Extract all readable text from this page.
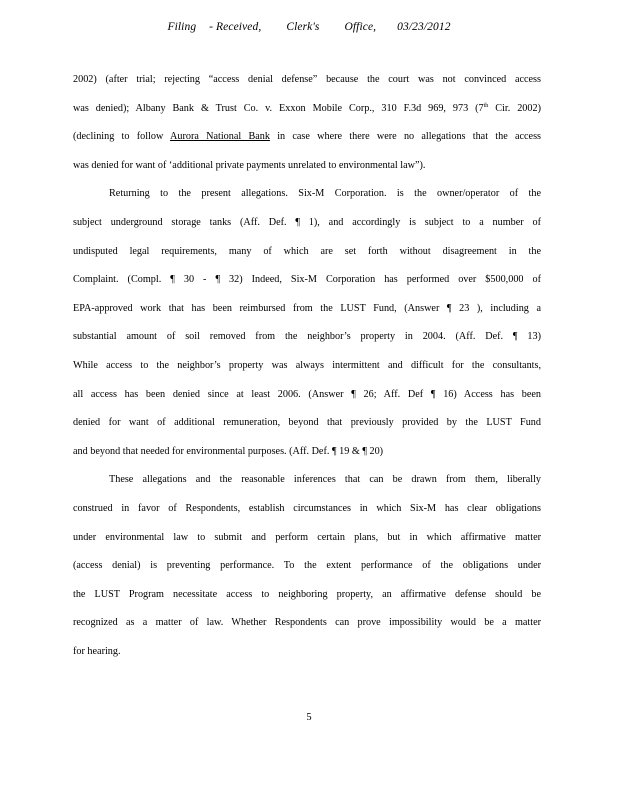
Filing - Received, Clerk's Office, 03/23/2012
2002) (after trial; rejecting “access denial defense” because the court was not convinced access
was denied); Albany Bank & Trust Co. v. Exxon Mobile Corp., 310 F.3d 969, 973 (7th Cir. 2002)
(declining to follow Aurora National Bank in case where there were no allegations that the access
was denied for want of ‘additional private payments unrelated to environmental law”).
Returning to the present allegations. Six-M Corporation. is the owner/operator of the
subject underground storage tanks (Aff. Def. ¶ 1), and accordingly is subject to a number of
undisputed legal requirements, many of which are set forth without disagreement in the
Complaint. (Compl. ¶ 30 - ¶ 32) Indeed, Six-M Corporation has performed over $500,000 of
EPA-approved work that has been reimbursed from the LUST Fund, (Answer ¶ 23 ), including a
substantial amount of soil removed from the neighbor’s property in 2004. (Aff. Def. ¶ 13)
While access to the neighbor’s property was always intermittent and difficult for the consultants,
all access has been denied since at least 2006. (Answer ¶ 26; Aff. Def ¶ 16) Access has been
denied for want of additional remuneration, beyond that previously provided by the LUST Fund
and beyond that needed for environmental purposes. (Aff. Def. ¶ 19 & ¶ 20)
These allegations and the reasonable inferences that can be drawn from them, liberally
construed in favor of Respondents, establish circumstances in which Six-M has clear obligations
under environmental law to submit and perform certain plans, but in which affirmative matter
(access denial) is preventing performance. To the extent performance of the obligations under
the LUST Program necessitate access to neighboring property, an affirmative defense should be
recognized as a matter of law. Whether Respondents can prove impossibility would be a matter
for hearing.
5
